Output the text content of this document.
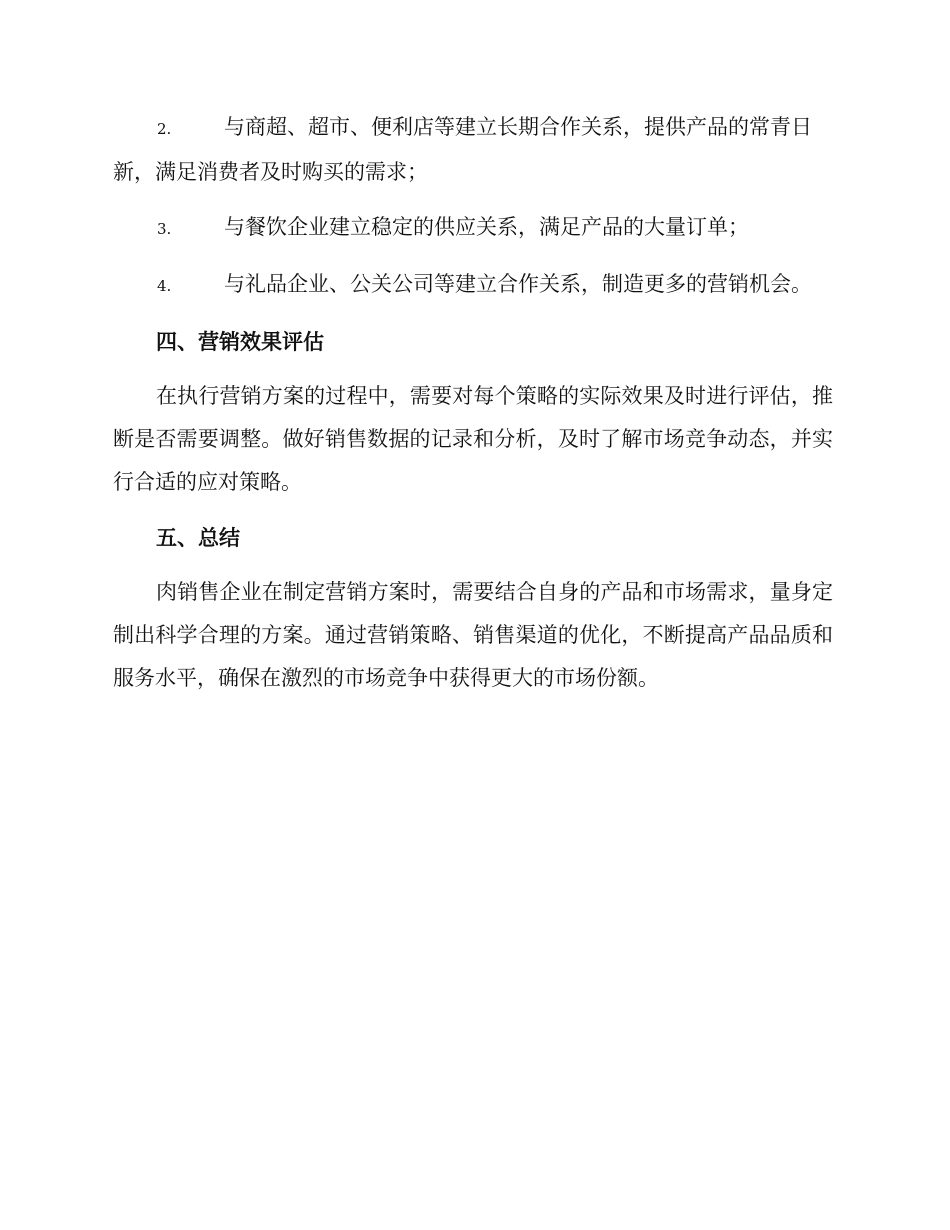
2.	与商超、超市、便利店等建立长期合作关系，提供产品的常青日新，满足消费者及时购买的需求；

3.	与餐饮企业建立稳定的供应关系，满足产品的大量订单；

4.	与礼品企业、公关公司等建立合作关系，制造更多的营销机会。

四、营销效果评估

在执行营销方案的过程中，需要对每个策略的实际效果及时进行评估，推断是否需要调整。做好销售数据的记录和分析，及时了解市场竞争动态，并实行合适的应对策略。

五、总结

肉销售企业在制定营销方案时，需要结合自身的产品和市场需求，量身定制出科学合理的方案。通过营销策略、销售渠道的优化，不断提高产品品质和服务水平，确保在激烈的市场竞争中获得更大的市场份额。
